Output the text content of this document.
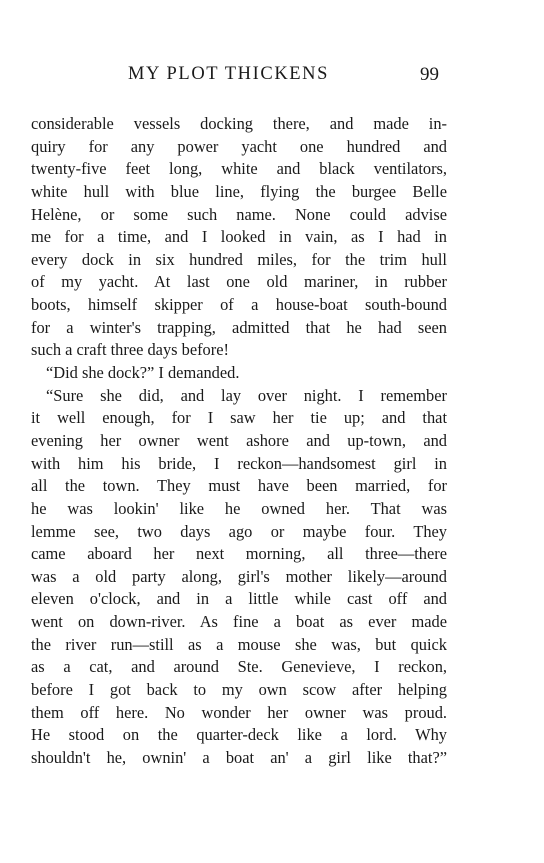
MY PLOT THICKENS	99
considerable vessels docking there, and made in-
quiry for any power yacht one hundred and
twenty-five feet long, white and black ventilators,
white hull with blue line, flying the burgee Belle
Helène, or some such name. None could advise
me for a time, and I looked in vain, as I had in
every dock in six hundred miles, for the trim hull
of my yacht. At last one old mariner, in rubber
boots, himself skipper of a house-boat south-bound
for a winter's trapping, admitted that he had seen
such a craft three days before!
“Did she dock?” I demanded.
“Sure she did, and lay over night. I remember
it well enough, for I saw her tie up; and that
evening her owner went ashore and up-town, and
with him his bride, I reckon—handsomest girl in
all the town. They must have been married, for
he was lookin' like he owned her. That was
lemme see, two days ago or maybe four. They
came aboard her next morning, all three—there
was a old party along, girl's mother likely—around
eleven o'clock, and in a little while cast off and
went on down-river. As fine a boat as ever made
the river run—still as a mouse she was, but quick
as a cat, and around Ste. Genevieve, I reckon,
before I got back to my own scow after helping
them off here. No wonder her owner was proud.
He stood on the quarter-deck like a lord. Why
shouldn't he, ownin' a boat an' a girl like that?”
